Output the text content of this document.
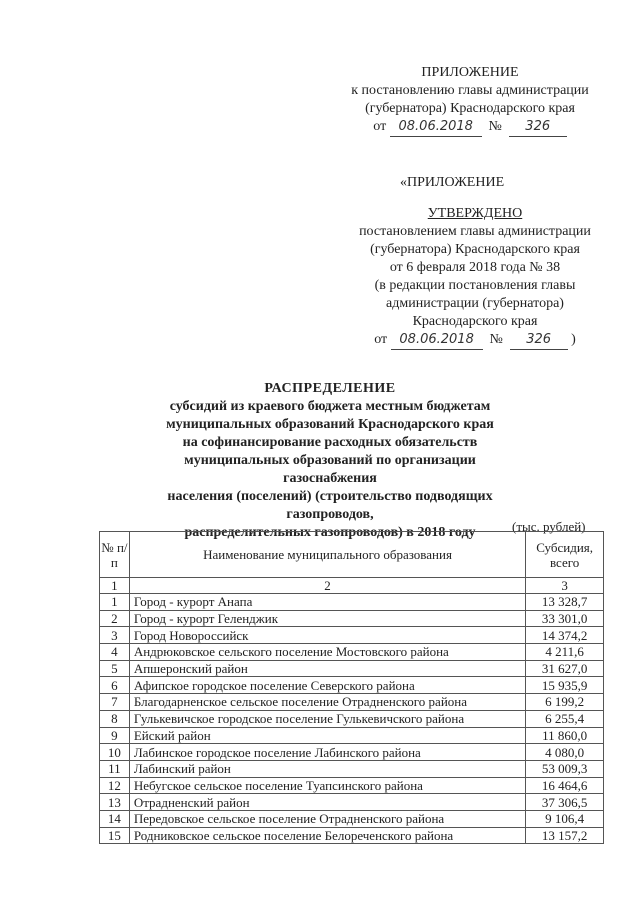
ПРИЛОЖЕНИЕ
к постановлению главы администрации
(губернатора) Краснодарского края
от 08.06.2018 № 326
«ПРИЛОЖЕНИЕ
УТВЕРЖДЕНО
постановлением главы администрации
(губернатора) Краснодарского края
от 6 февраля 2018 года № 38
(в редакции постановления главы
администрации (губернатора)
Краснодарского края
от 08.06.2018 № 326 )
РАСПРЕДЕЛЕНИЕ
субсидий из краевого бюджета местным бюджетам
муниципальных образований Краснодарского края
на софинансирование расходных обязательств
муниципальных образований по организации газоснабжения
населения (поселений) (строительство подводящих газопроводов,
распределительных газопроводов) в 2018 году	(тыс. рублей)
№ п/п	Наименование муниципального образования	Субсидия, всего
1	2	3
1	Город - курорт Анапа	13 328,7
2	Город - курорт Геленджик	33 301,0
3	Город Новороссийск	14 374,2
4	Андрюковское сельского поселение Мостовского района	4 211,6
5	Апшеронский район	31 627,0
6	Афипское городское поселение Северского района	15 935,9
7	Благодарненское сельское поселение Отрадненского района	6 199,2
8	Гулькевичское городское поселение Гулькевичского района	6 255,4
9	Ейский район	11 860,0
10	Лабинское городское поселение Лабинского района	4 080,0
11	Лабинский район	53 009,3
12	Небугское сельское поселение Туапсинского района	16 464,6
13	Отрадненский район	37 306,5
14	Передовское сельское поселение Отрадненского района	9 106,4
15	Родниковское сельское поселение Белореченского района	13 157,2
